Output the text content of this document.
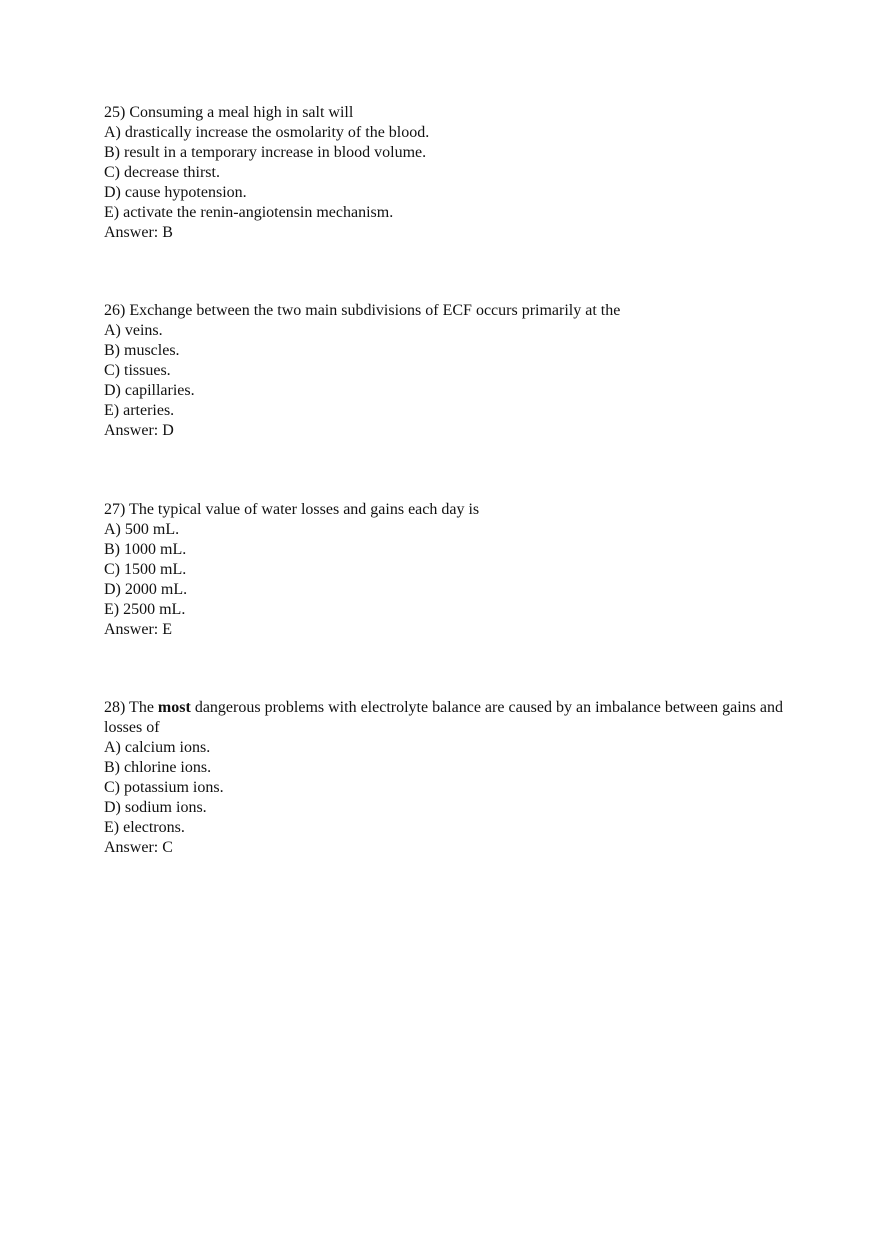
25) Consuming a meal high in salt will
A) drastically increase the osmolarity of the blood.
B) result in a temporary increase in blood volume.
C) decrease thirst.
D) cause hypotension.
E) activate the renin-angiotensin mechanism.
Answer: B
26) Exchange between the two main subdivisions of ECF occurs primarily at the
A) veins.
B) muscles.
C) tissues.
D) capillaries.
E) arteries.
Answer: D
27) The typical value of water losses and gains each day is
A) 500 mL.
B) 1000 mL.
C) 1500 mL.
D) 2000 mL.
E) 2500 mL.
Answer: E
28) The most dangerous problems with electrolyte balance are caused by an imbalance between gains and losses of
A) calcium ions.
B) chlorine ions.
C) potassium ions.
D) sodium ions.
E) electrons.
Answer: C
